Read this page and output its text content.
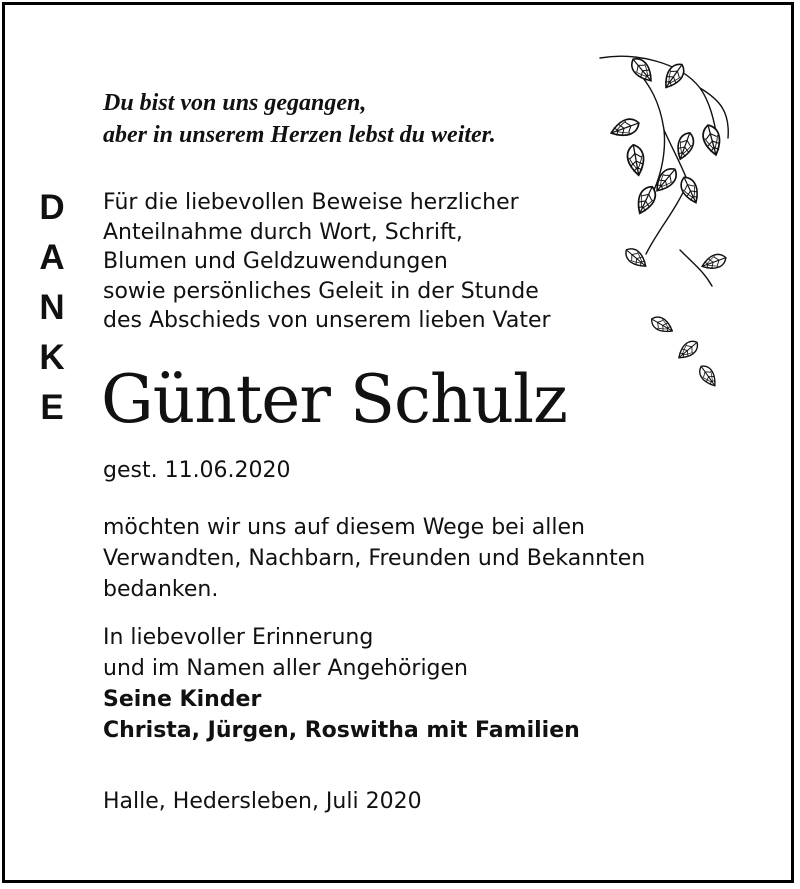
Du bist von uns gegangen,
aber in unserem Herzen lebst du weiter.
D
A
N
K
E
Für die liebevollen Beweise herzlicher
Anteilnahme durch Wort, Schrift,
Blumen und Geldzuwendungen
sowie persönliches Geleit in der Stunde
des Abschieds von unserem lieben Vater
Günter Schulz
gest. 11.06.2020
möchten wir uns auf diesem Wege bei allen
Verwandten, Nachbarn, Freunden und Bekannten
bedanken.
In liebevoller Erinnerung
und im Namen aller Angehörigen
Seine Kinder
Christa, Jürgen, Roswitha mit Familien
Halle, Hedersleben, Juli 2020
